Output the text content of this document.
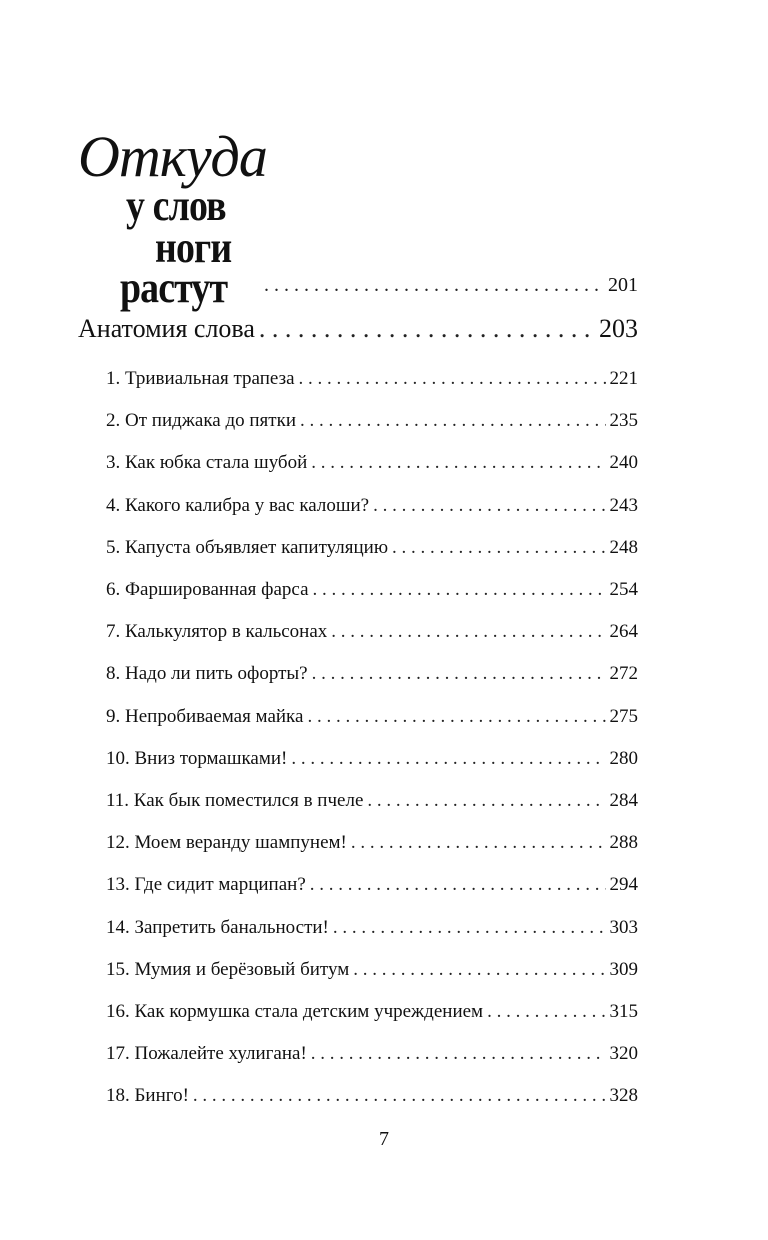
Откуда
у слов
ноги
растут . . .	201
Анатомия слова . . .	203
1. Тривиальная трапеза . . .	221
2. От пиджака до пятки . . .	235
3. Как юбка стала шубой . . .	240
4. Какого калибра у вас калоши? . . .	243
5. Капуста объявляет капитуляцию . . .	248
6. Фаршированная фарса . . .	254
7. Калькулятор в кальсонах . . .	264
8. Надо ли пить офорты? . . .	272
9. Непробиваемая майка . . .	275
10. Вниз тормашками! . . .	280
11. Как бык поместился в пчеле . . .	284
12. Моем веранду шампунем! . . .	288
13. Где сидит марципан? . . .	294
14. Запретить банальности! . . .	303
15. Мумия и берёзовый битум . . .	309
16. Как кормушка стала детским учреждением . . .	315
17. Пожалейте хулигана! . . .	320
18. Бинго! . . .	328
7
